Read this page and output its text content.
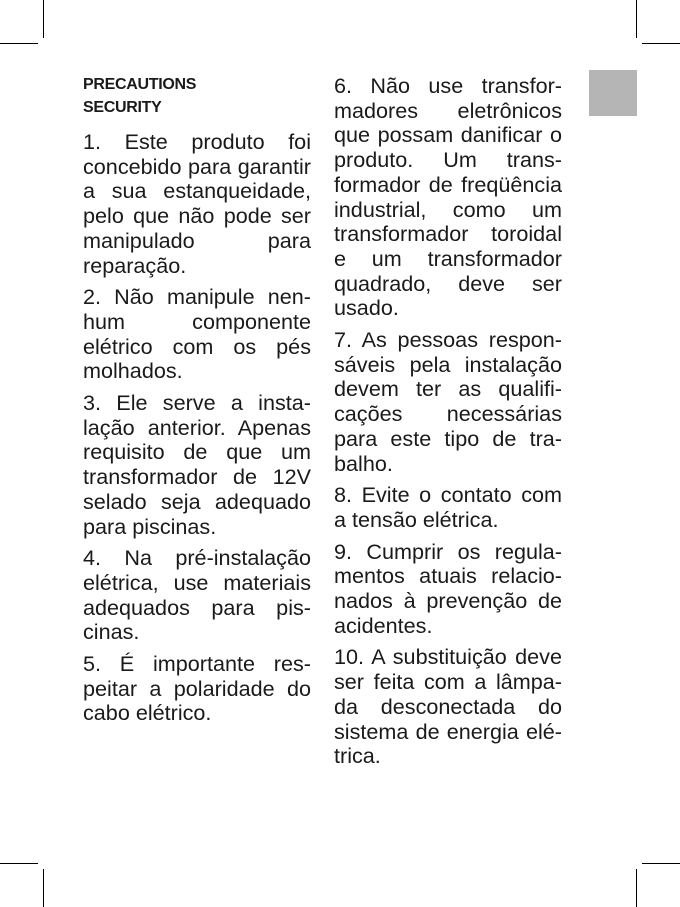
PRECAUTIONS
SECURITY

1. Este produto foi concebido para garantir a sua estanqueidade, pelo que não pode ser manipulado para reparação.

2. Não manipule nenhum componente elétrico com os pés molhados.

3. Ele serve a instalação anterior. Apenas requisito de que um transformador de 12V selado seja adequado para piscinas.

4. Na pré-instalação elétrica, use materiais adequados para piscinas.

5. É importante respeitar a polaridade do cabo elétrico.

6. Não use transformadores eletrônicos que possam danificar o produto. Um transformador de freqüência industrial, como um transformador toroidal e um transformador quadrado, deve ser usado.

7. As pessoas responsáveis pela instalação devem ter as qualificações necessárias para este tipo de trabalho.

8. Evite o contato com a tensão elétrica.

9. Cumprir os regulamentos atuais relacionados à prevenção de acidentes.

10. A substituição deve ser feita com a lâmpada desconectada do sistema de energia elétrica.
